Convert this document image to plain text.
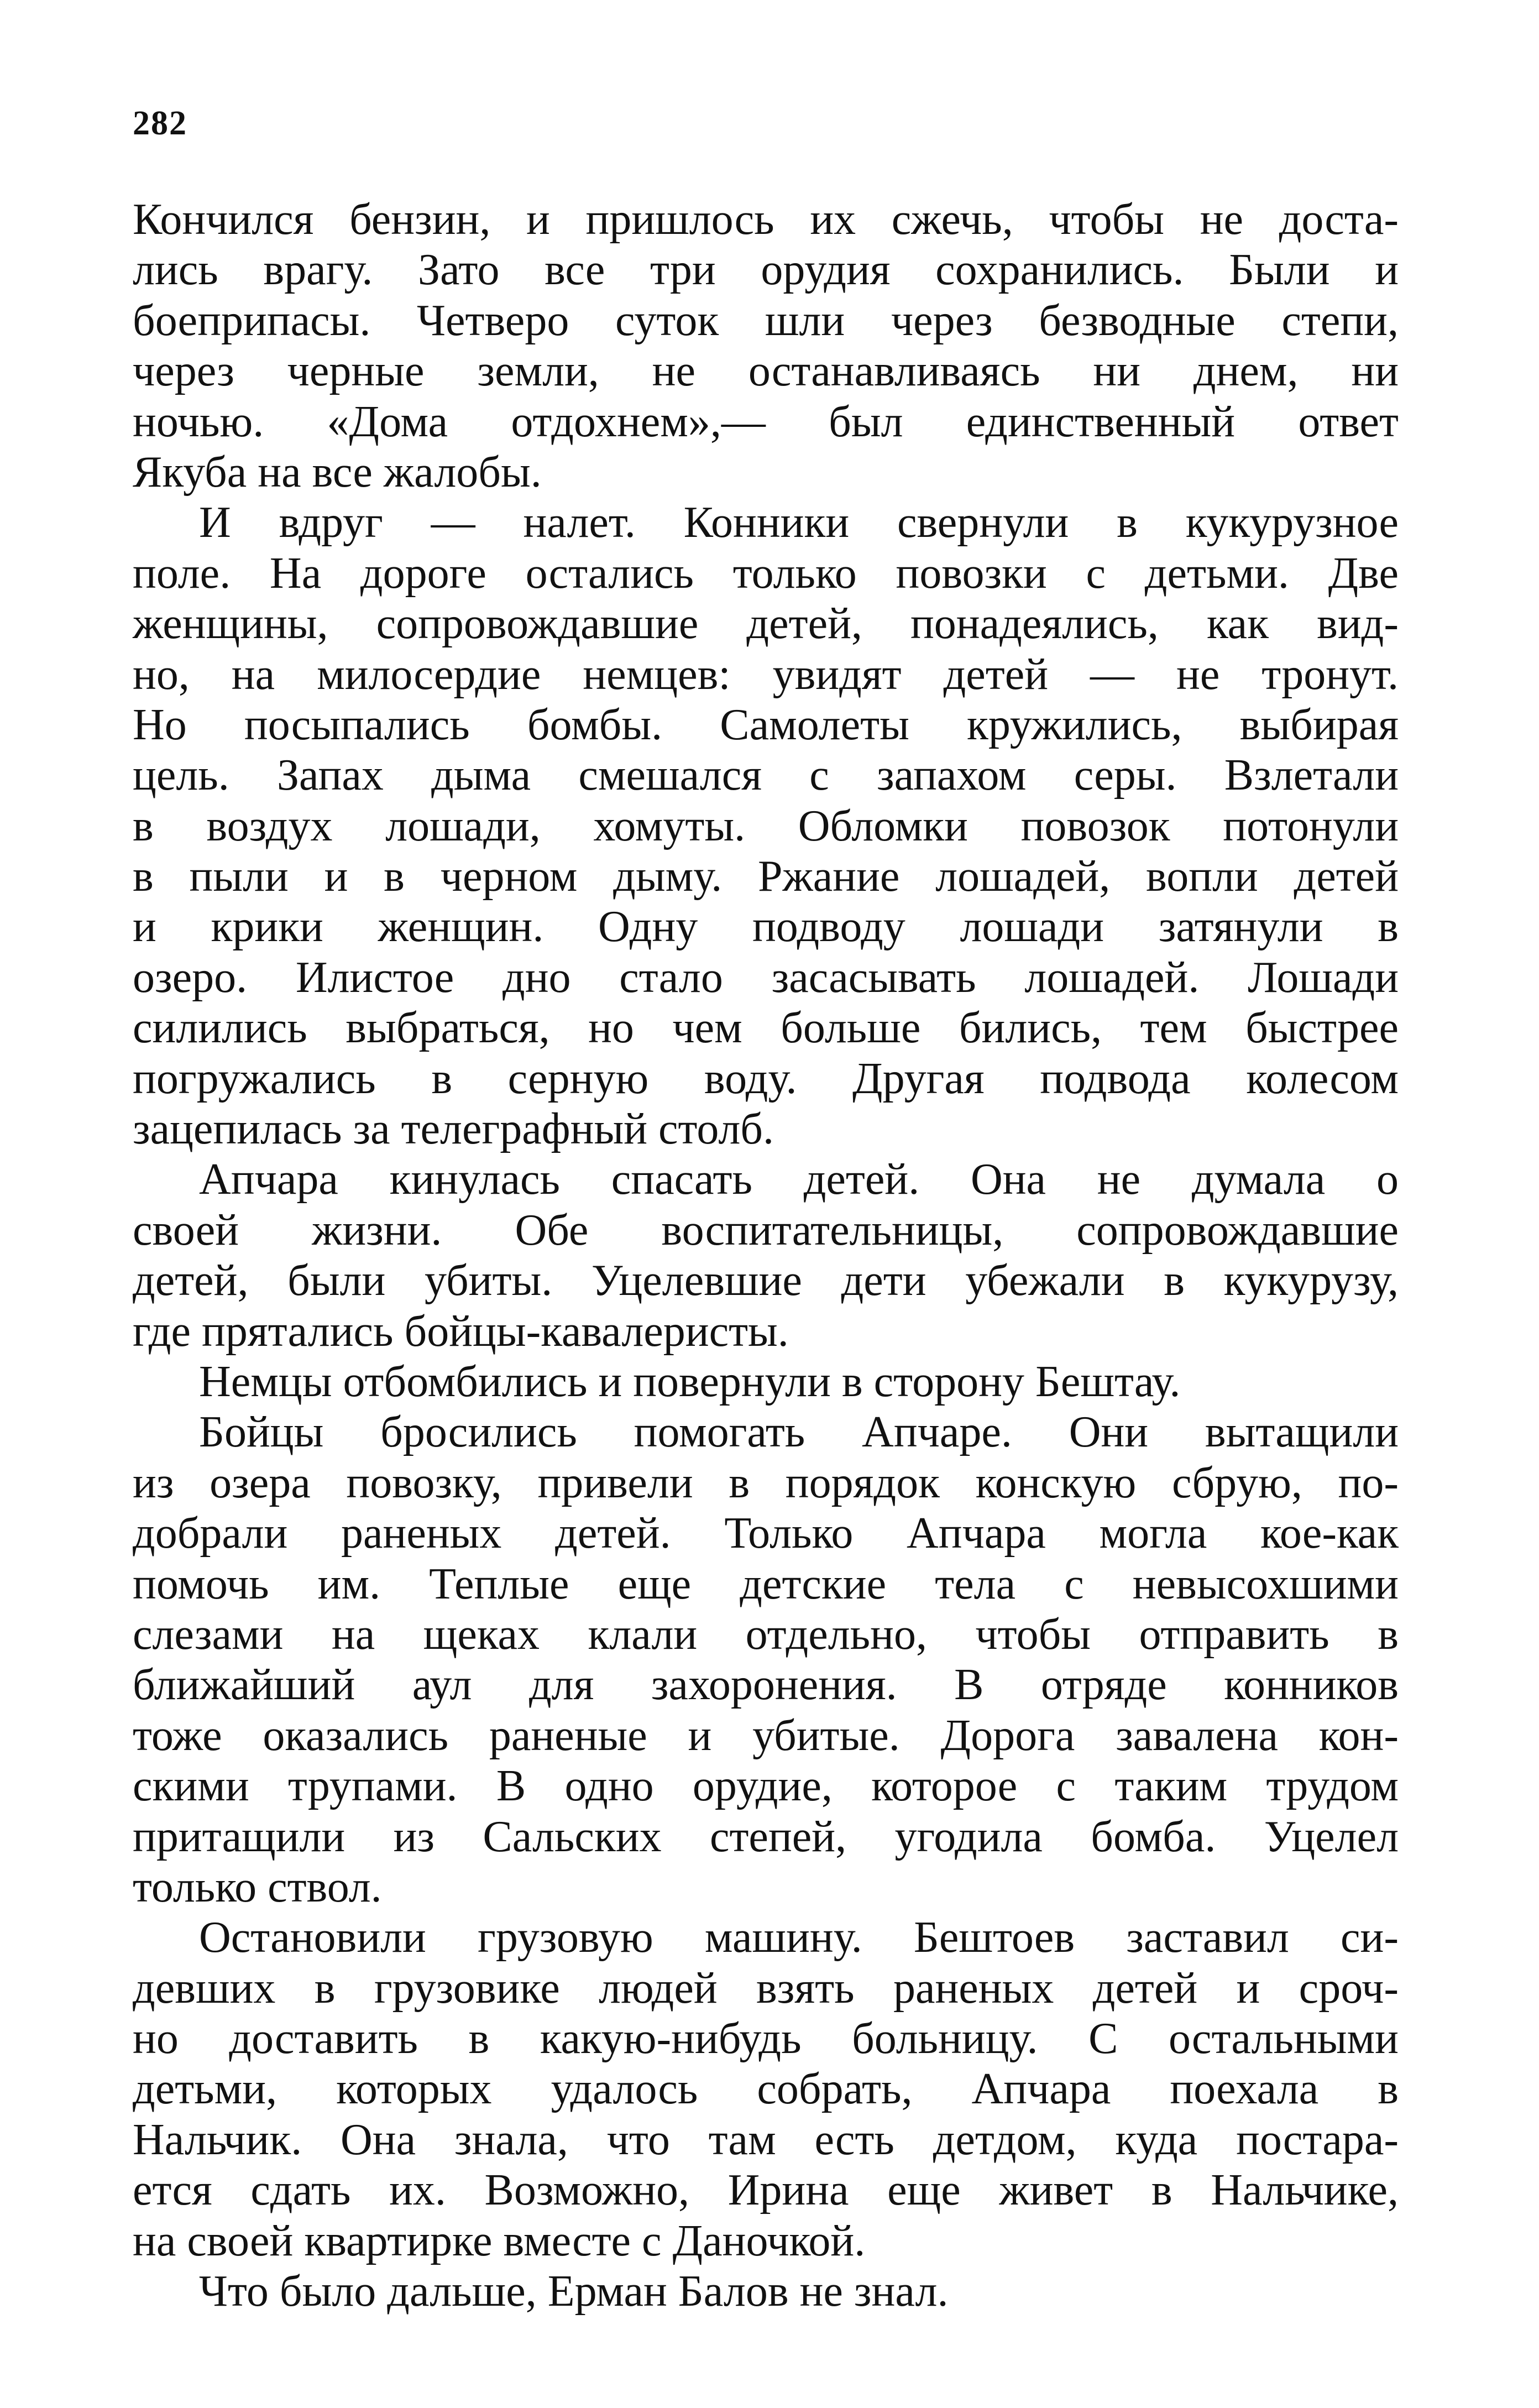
282
Кончился бензин, и пришлось их сжечь, чтобы не доста-
лись врагу. Зато все три орудия сохранились. Были и
боеприпасы. Четверо суток шли через безводные степи,
через черные земли, не останавливаясь ни днем, ни
ночью. «Дома отдохнем»,— был единственный ответ
Якуба на все жалобы.
И вдруг — налет. Конники свернули в кукурузное
поле. На дороге остались только повозки с детьми. Две
женщины, сопровождавшие детей, понадеялись, как вид-
но, на милосердие немцев: увидят детей — не тронут.
Но посыпались бомбы. Самолеты кружились, выбирая
цель. Запах дыма смешался с запахом серы. Взлетали
в воздух лошади, хомуты. Обломки повозок потонули
в пыли и в черном дыму. Ржание лошадей, вопли детей
и крики женщин. Одну подводу лошади затянули в
озеро. Илистое дно стало засасывать лошадей. Лошади
силились выбраться, но чем больше бились, тем быстрее
погружались в серную воду. Другая подвода колесом
зацепилась за телеграфный столб.
Апчара кинулась спасать детей. Она не думала о
своей жизни. Обе воспитательницы, сопровождавшие
детей, были убиты. Уцелевшие дети убежали в кукурузу,
где прятались бойцы-кавалеристы.
Немцы отбомбились и повернули в сторону Бештау.
Бойцы бросились помогать Апчаре. Они вытащили
из озера повозку, привели в порядок конскую сбрую, по-
добрали раненых детей. Только Апчара могла кое-как
помочь им. Теплые еще детские тела с невысохшими
слезами на щеках клали отдельно, чтобы отправить в
ближайший аул для захоронения. В отряде конников
тоже оказались раненые и убитые. Дорога завалена кон-
скими трупами. В одно орудие, которое с таким трудом
притащили из Сальских степей, угодила бомба. Уцелел
только ствол.
Остановили грузовую машину. Бештоев заставил си-
девших в грузовике людей взять раненых детей и сроч-
но доставить в какую-нибудь больницу. С остальными
детьми, которых удалось собрать, Апчара поехала в
Нальчик. Она знала, что там есть детдом, куда постара-
ется сдать их. Возможно, Ирина еще живет в Нальчике,
на своей квартирке вместе с Даночкой.
Что было дальше, Ерман Балов не знал.
